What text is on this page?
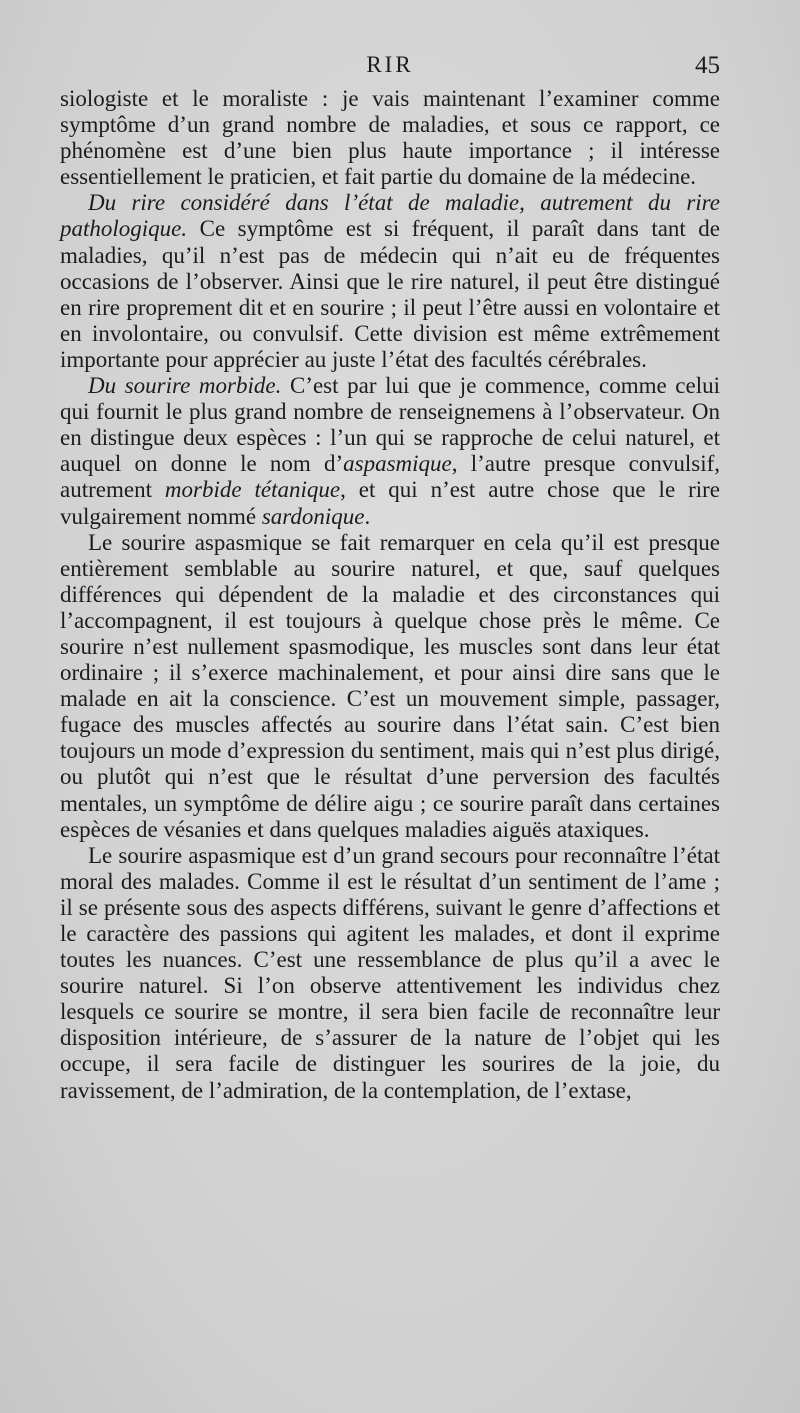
RIR	45

siologiste et le moraliste : je vais maintenant l’examiner comme symptôme d’un grand nombre de maladies, et sous ce rapport, ce phénomène est d’une bien plus haute importance ; il intéresse essentiellement le praticien, et fait partie du domaine de la médecine.

Du rire considéré dans l’état de maladie, autrement du rire pathologique. Ce symptôme est si fréquent, il paraît dans tant de maladies, qu’il n’est pas de médecin qui n’ait eu de fréquentes occasions de l’observer. Ainsi que le rire naturel, il peut être distingué en rire proprement dit et en sourire ; il peut l’être aussi en volontaire et en involontaire, ou convulsif. Cette division est même extrêmement importante pour apprécier au juste l’état des facultés cérébrales.

Du sourire morbide. C’est par lui que je commence, comme celui qui fournit le plus grand nombre de renseignemens à l’observateur. On en distingue deux espèces : l’un qui se rapproche de celui naturel, et auquel on donne le nom d’aspasmique, l’autre presque convulsif, autrement morbide tétanique, et qui n’est autre chose que le rire vulgairement nommé sardonique.

Le sourire aspasmique se fait remarquer en cela qu’il est presque entièrement semblable au sourire naturel, et que, sauf quelques différences qui dépendent de la maladie et des circonstances qui l’accompagnent, il est toujours à quelque chose près le même. Ce sourire n’est nullement spasmodique, les muscles sont dans leur état ordinaire ; il s’exerce machinalement, et pour ainsi dire sans que le malade en ait la conscience. C’est un mouvement simple, passager, fugace des muscles affectés au sourire dans l’état sain. C’est bien toujours un mode d’expression du sentiment, mais qui n’est plus dirigé, ou plutôt qui n’est que le résultat d’une perversion des facultés mentales, un symptôme de délire aigu ; ce sourire paraît dans certaines espèces de vésanies et dans quelques maladies aiguës ataxiques.

Le sourire aspasmique est d’un grand secours pour reconnaître l’état moral des malades. Comme il est le résultat d’un sentiment de l’ame ; il se présente sous des aspects différens, suivant le genre d’affections et le caractère des passions qui agitent les malades, et dont il exprime toutes les nuances. C’est une ressemblance de plus qu’il a avec le sourire naturel. Si l’on observe attentivement les individus chez lesquels ce sourire se montre, il sera bien facile de reconnaître leur disposition intérieure, de s’assurer de la nature de l’objet qui les occupe, il sera facile de distinguer les sourires de la joie, du ravissement, de l’admiration, de la contemplation, de l’extase,
